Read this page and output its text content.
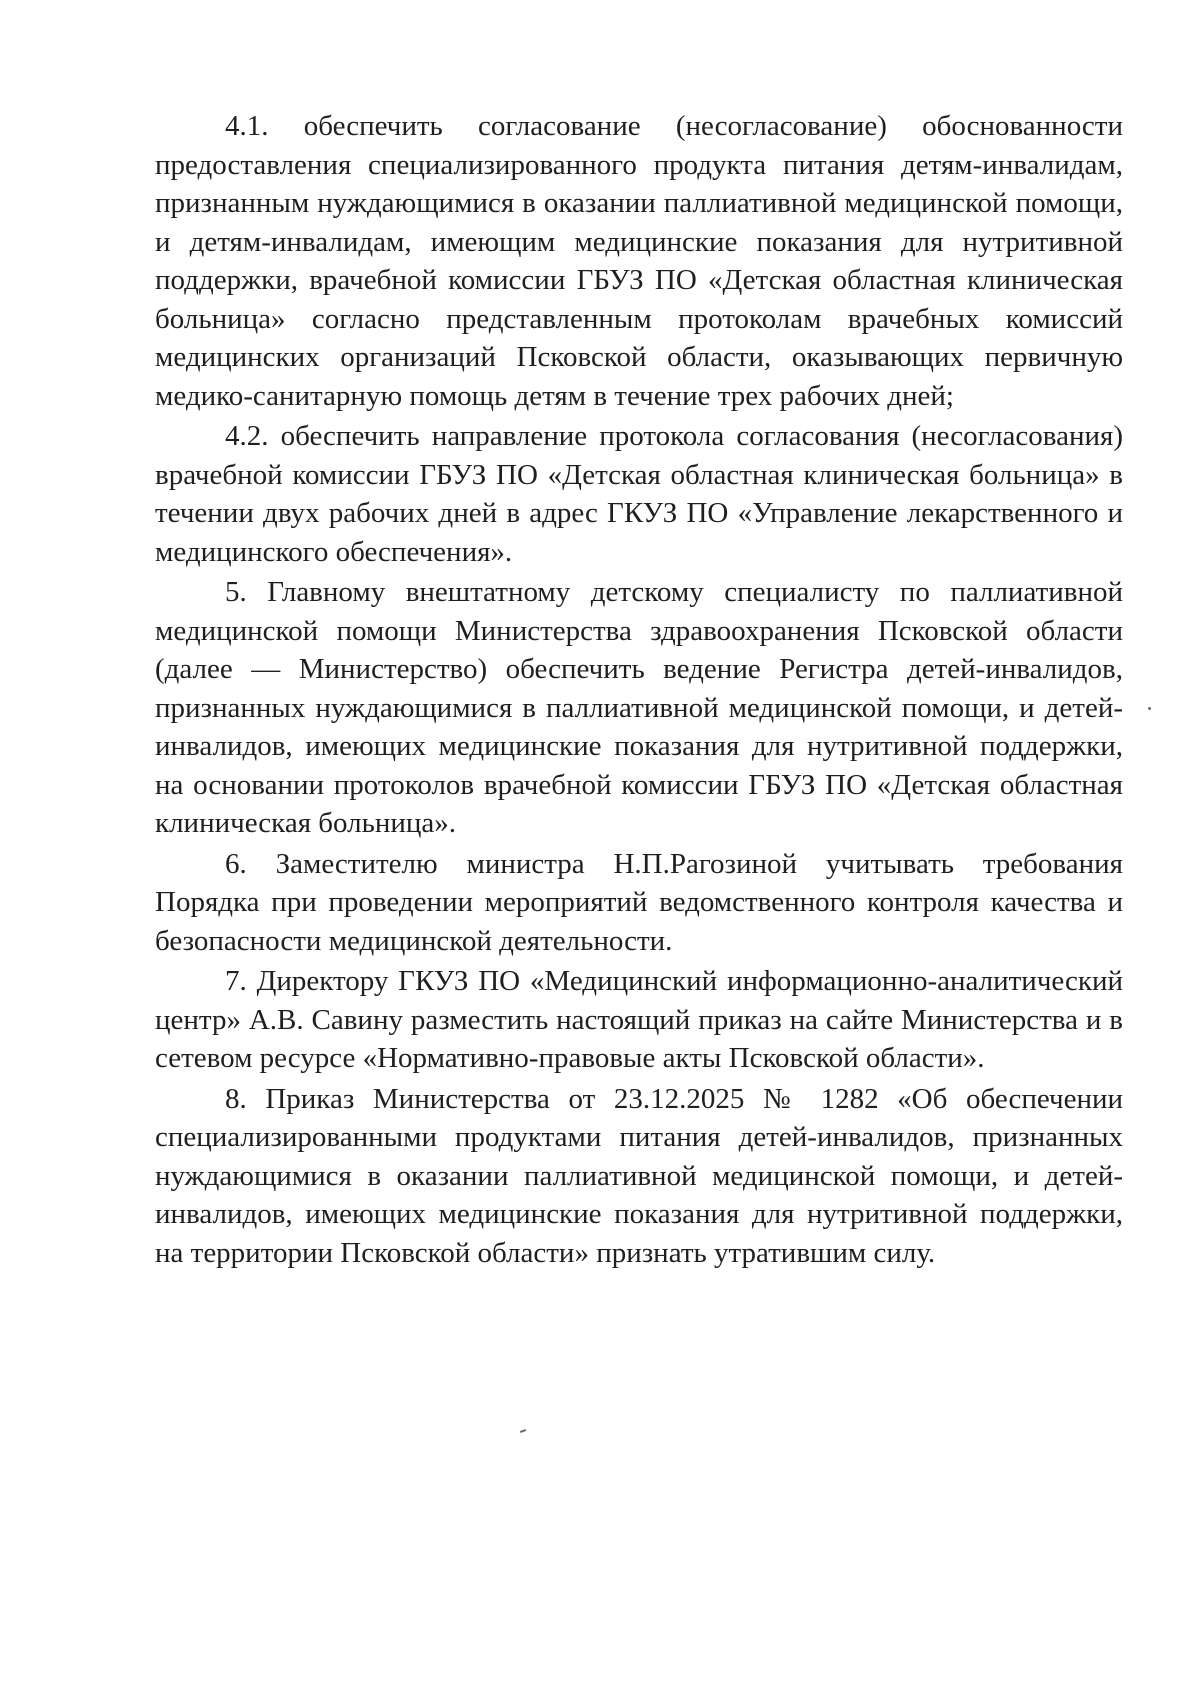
4.1. обеспечить согласование (несогласование) обоснованности предоставления специализированного продукта питания детям-инвалидам, признанным нуждающимися в оказании паллиативной медицинской помощи, и детям-инвалидам, имеющим медицинские показания для нутритивной поддержки, врачебной комиссии ГБУЗ ПО «Детская областная клиническая больница» согласно представленным протоколам врачебных комиссий медицинских организаций Псковской области, оказывающих первичную медико-санитарную помощь детям в течение трех рабочих дней;

4.2. обеспечить направление протокола согласования (несогласования) врачебной комиссии ГБУЗ ПО «Детская областная клиническая больница» в течении двух рабочих дней в адрес ГКУЗ ПО «Управление лекарственного и медицинского обеспечения».

5. Главному внештатному детскому специалисту по паллиативной медицинской помощи Министерства здравоохранения Псковской области (далее — Министерство) обеспечить ведение Регистра детей-инвалидов, признанных нуждающимися в паллиативной медицинской помощи, и детей-инвалидов, имеющих медицинские показания для нутритивной поддержки, на основании протоколов врачебной комиссии ГБУЗ ПО «Детская областная клиническая больница».

6. Заместителю министра Н.П.Рагозиной учитывать требования Порядка при проведении мероприятий ведомственного контроля качества и безопасности медицинской деятельности.

7. Директору ГКУЗ ПО «Медицинский информационно-аналитический центр» А.В. Савину разместить настоящий приказ на сайте Министерства и в сетевом ресурсе «Нормативно-правовые акты Псковской области».

8. Приказ Министерства от 23.12.2025 № 1282 «Об обеспечении специализированными продуктами питания детей-инвалидов, признанных нуждающимися в оказании паллиативной медицинской помощи, и детей-инвалидов, имеющих медицинские показания для нутритивной поддержки, на территории Псковской области» признать утратившим силу.
